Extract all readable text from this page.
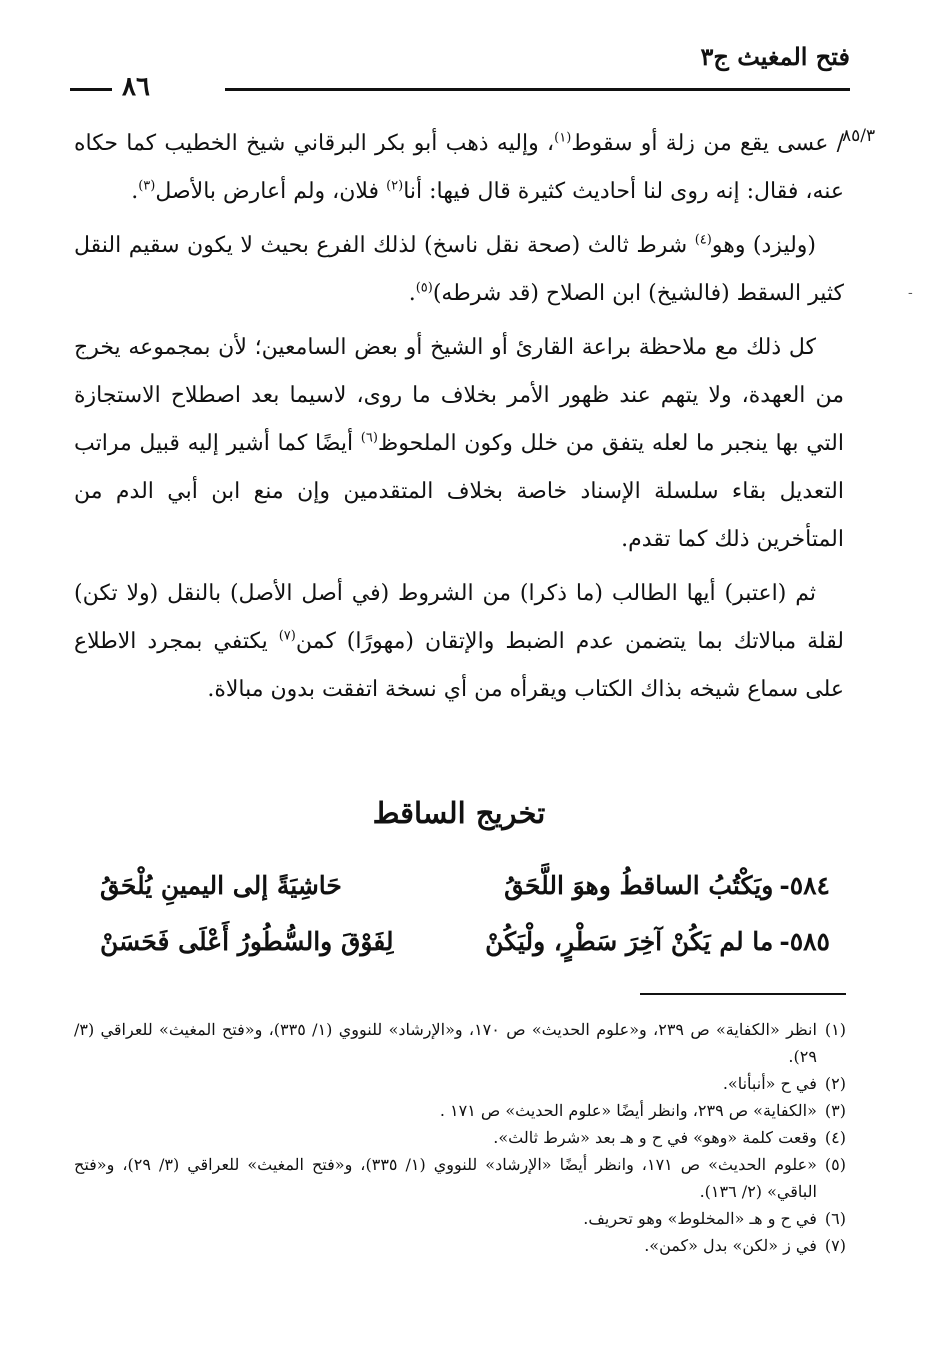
فتح المغيث ج٣
٨٦
٨٥/٣
-

/ عسى يقع من زلة أو سقوط$^{(١)}$، وإليه ذهب أبو بكر البرقاني شيخ الخطيب كما حكاه عنه، فقال: إنه روى لنا أحاديث كثيرة قال فيها: أنا$^{(٢)}$ فلان، ولم أعارض بالأصل$^{(٣)}$.

(وليزد) وهو$^{(٤)}$ شرط ثالث (صحة نقل ناسخ) لذلك الفرع بحيث لا يكون سقيم النقل كثير السقط (فالشيخ) ابن الصلاح (قد شرطه)$^{(٥)}$.

كل ذلك مع ملاحظة براعة القارئ أو الشيخ أو بعض السامعين؛ لأن بمجموعه يخرج من العهدة، ولا يتهم عند ظهور الأمر بخلاف ما روى، لاسيما بعد اصطلاح الاستجازة التي بها ينجبر ما لعله يتفق من خلل وكون الملحوظ$^{(٦)}$ أيضًا كما أشير إليه قبيل مراتب التعديل بقاء سلسلة الإسناد خاصة بخلاف المتقدمين وإن منع ابن أبي الدم من المتأخرين ذلك كما تقدم.

ثم (اعتبر) أيها الطالب (ما ذكرا) من الشروط (في أصل الأصل) بالنقل (ولا تكن) لقلة مبالاتك بما يتضمن عدم الضبط والإتقان (مهورًا) كمن$^{(٧)}$ يكتفي بمجرد الاطلاع على سماع شيخه بذاك الكتاب ويقرأه من أي نسخة اتفقت بدون مبالاة.

تخريج الساقط
٥٨٤-ويَكْتُبُ الساقطُ وهوَ اللَّحَقُ
حَاشِيَةً إلى اليمينِ يُلْحَقُ
٥٨٥-ما لم يَكُنْ آخِرَ سَطْرٍ، ولْيَكُنْ
لِفَوْقَ والسُّطُورُ أَعْلَى فَحَسَنْ
(١)
انظر «الكفاية» ص ٢٣٩، و«علوم الحديث» ص ١٧٠، و«الإرشاد» للنووي (١/ ٣٣٥)، و«فتح المغيث» للعراقي (٣/ ٢٩).
(٢)
في ح «أنبأنا».
(٣)
«الكفاية» ص ٢٣٩، وانظر أيضًا «علوم الحديث» ص ١٧١ .
(٤)
وقعت كلمة «وهو» في ح و هـ بعد «شرط ثالث».
(٥)
«علوم الحديث» ص ١٧١، وانظر أيضًا «الإرشاد» للنووي (١/ ٣٣٥)، و«فتح المغيث» للعراقي (٣/ ٢٩)، و«فتح الباقي» (٢/ ١٣٦).
(٦)
في ح و هـ «المخلوط» وهو تحريف.
(٧)
في ز «لكن» بدل «كمن».
